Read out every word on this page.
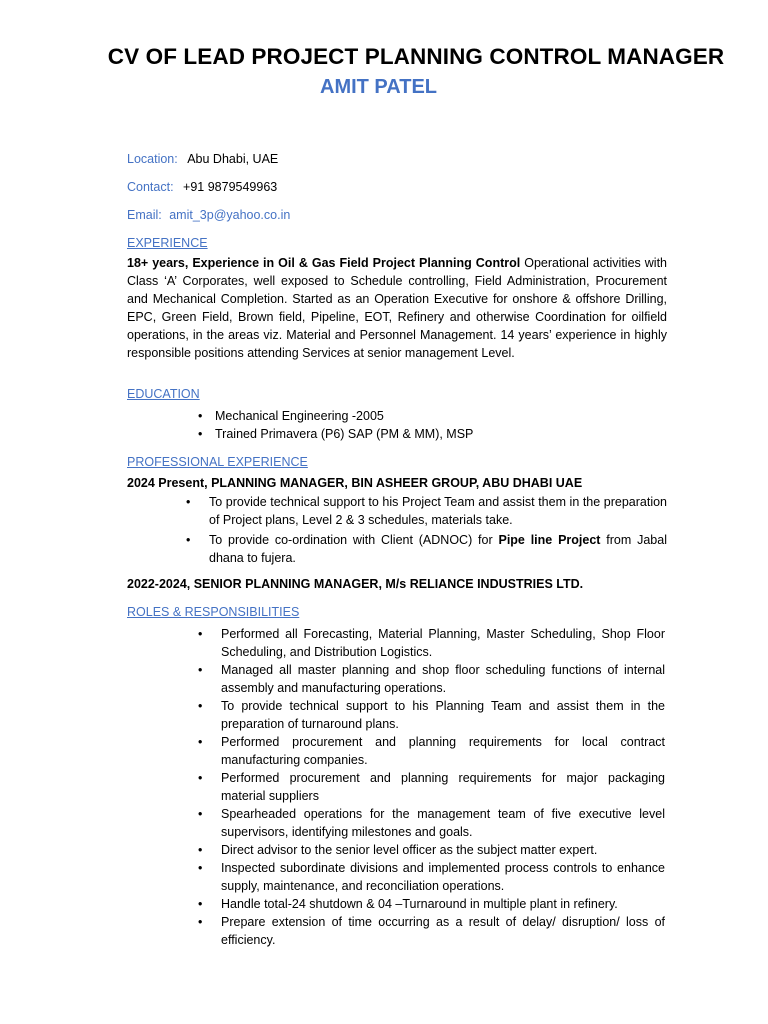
CV OF LEAD PROJECT PLANNING CONTROL MANAGER
AMIT PATEL
Location: Abu Dhabi, UAE
Contact: +91 9879549963
Email: amit_3p@yahoo.co.in
EXPERIENCE

18+ years, Experience in Oil & Gas Field Project Planning Control Operational activities with Class ‘A’ Corporates, well exposed to Schedule controlling, Field Administration, Procurement and Mechanical Completion. Started as an Operation Executive for onshore & offshore Drilling, EPC, Green Field, Brown field, Pipeline, EOT, Refinery and otherwise Coordination for oilfield operations, in the areas viz. Material and Personnel Management. 14 years’ experience in highly responsible positions attending Services at senior management Level.

EDUCATION
• Mechanical Engineering -2005
• Trained Primavera (P6) SAP (PM & MM), MSP
PROFESSIONAL EXPERIENCE
2024 Present, PLANNING MANAGER, BIN ASHEER GROUP, ABU DHABI UAE
• To provide technical support to his Project Team and assist them in the preparation of Project plans, Level 2 & 3 schedules, materials take.
• To provide co-ordination with Client (ADNOC) for Pipe line Project from Jabal dhana to fujera.
2022-2024, SENIOR PLANNING MANAGER, M/s RELIANCE INDUSTRIES LTD.
ROLES & RESPONSIBILITIES
• Performed all Forecasting, Material Planning, Master Scheduling, Shop Floor Scheduling, and Distribution Logistics.
• Managed all master planning and shop floor scheduling functions of internal assembly and manufacturing operations.
• To provide technical support to his Planning Team and assist them in the preparation of turnaround plans.
• Performed procurement and planning requirements for local contract manufacturing companies.
• Performed procurement and planning requirements for major packaging material suppliers
• Spearheaded operations for the management team of five executive level supervisors, identifying milestones and goals.
• Direct advisor to the senior level officer as the subject matter expert.
• Inspected subordinate divisions and implemented process controls to enhance supply, maintenance, and reconciliation operations.
• Handle total-24 shutdown & 04 –Turnaround in multiple plant in refinery.
• Prepare extension of time occurring as a result of delay/ disruption/ loss of efficiency.
